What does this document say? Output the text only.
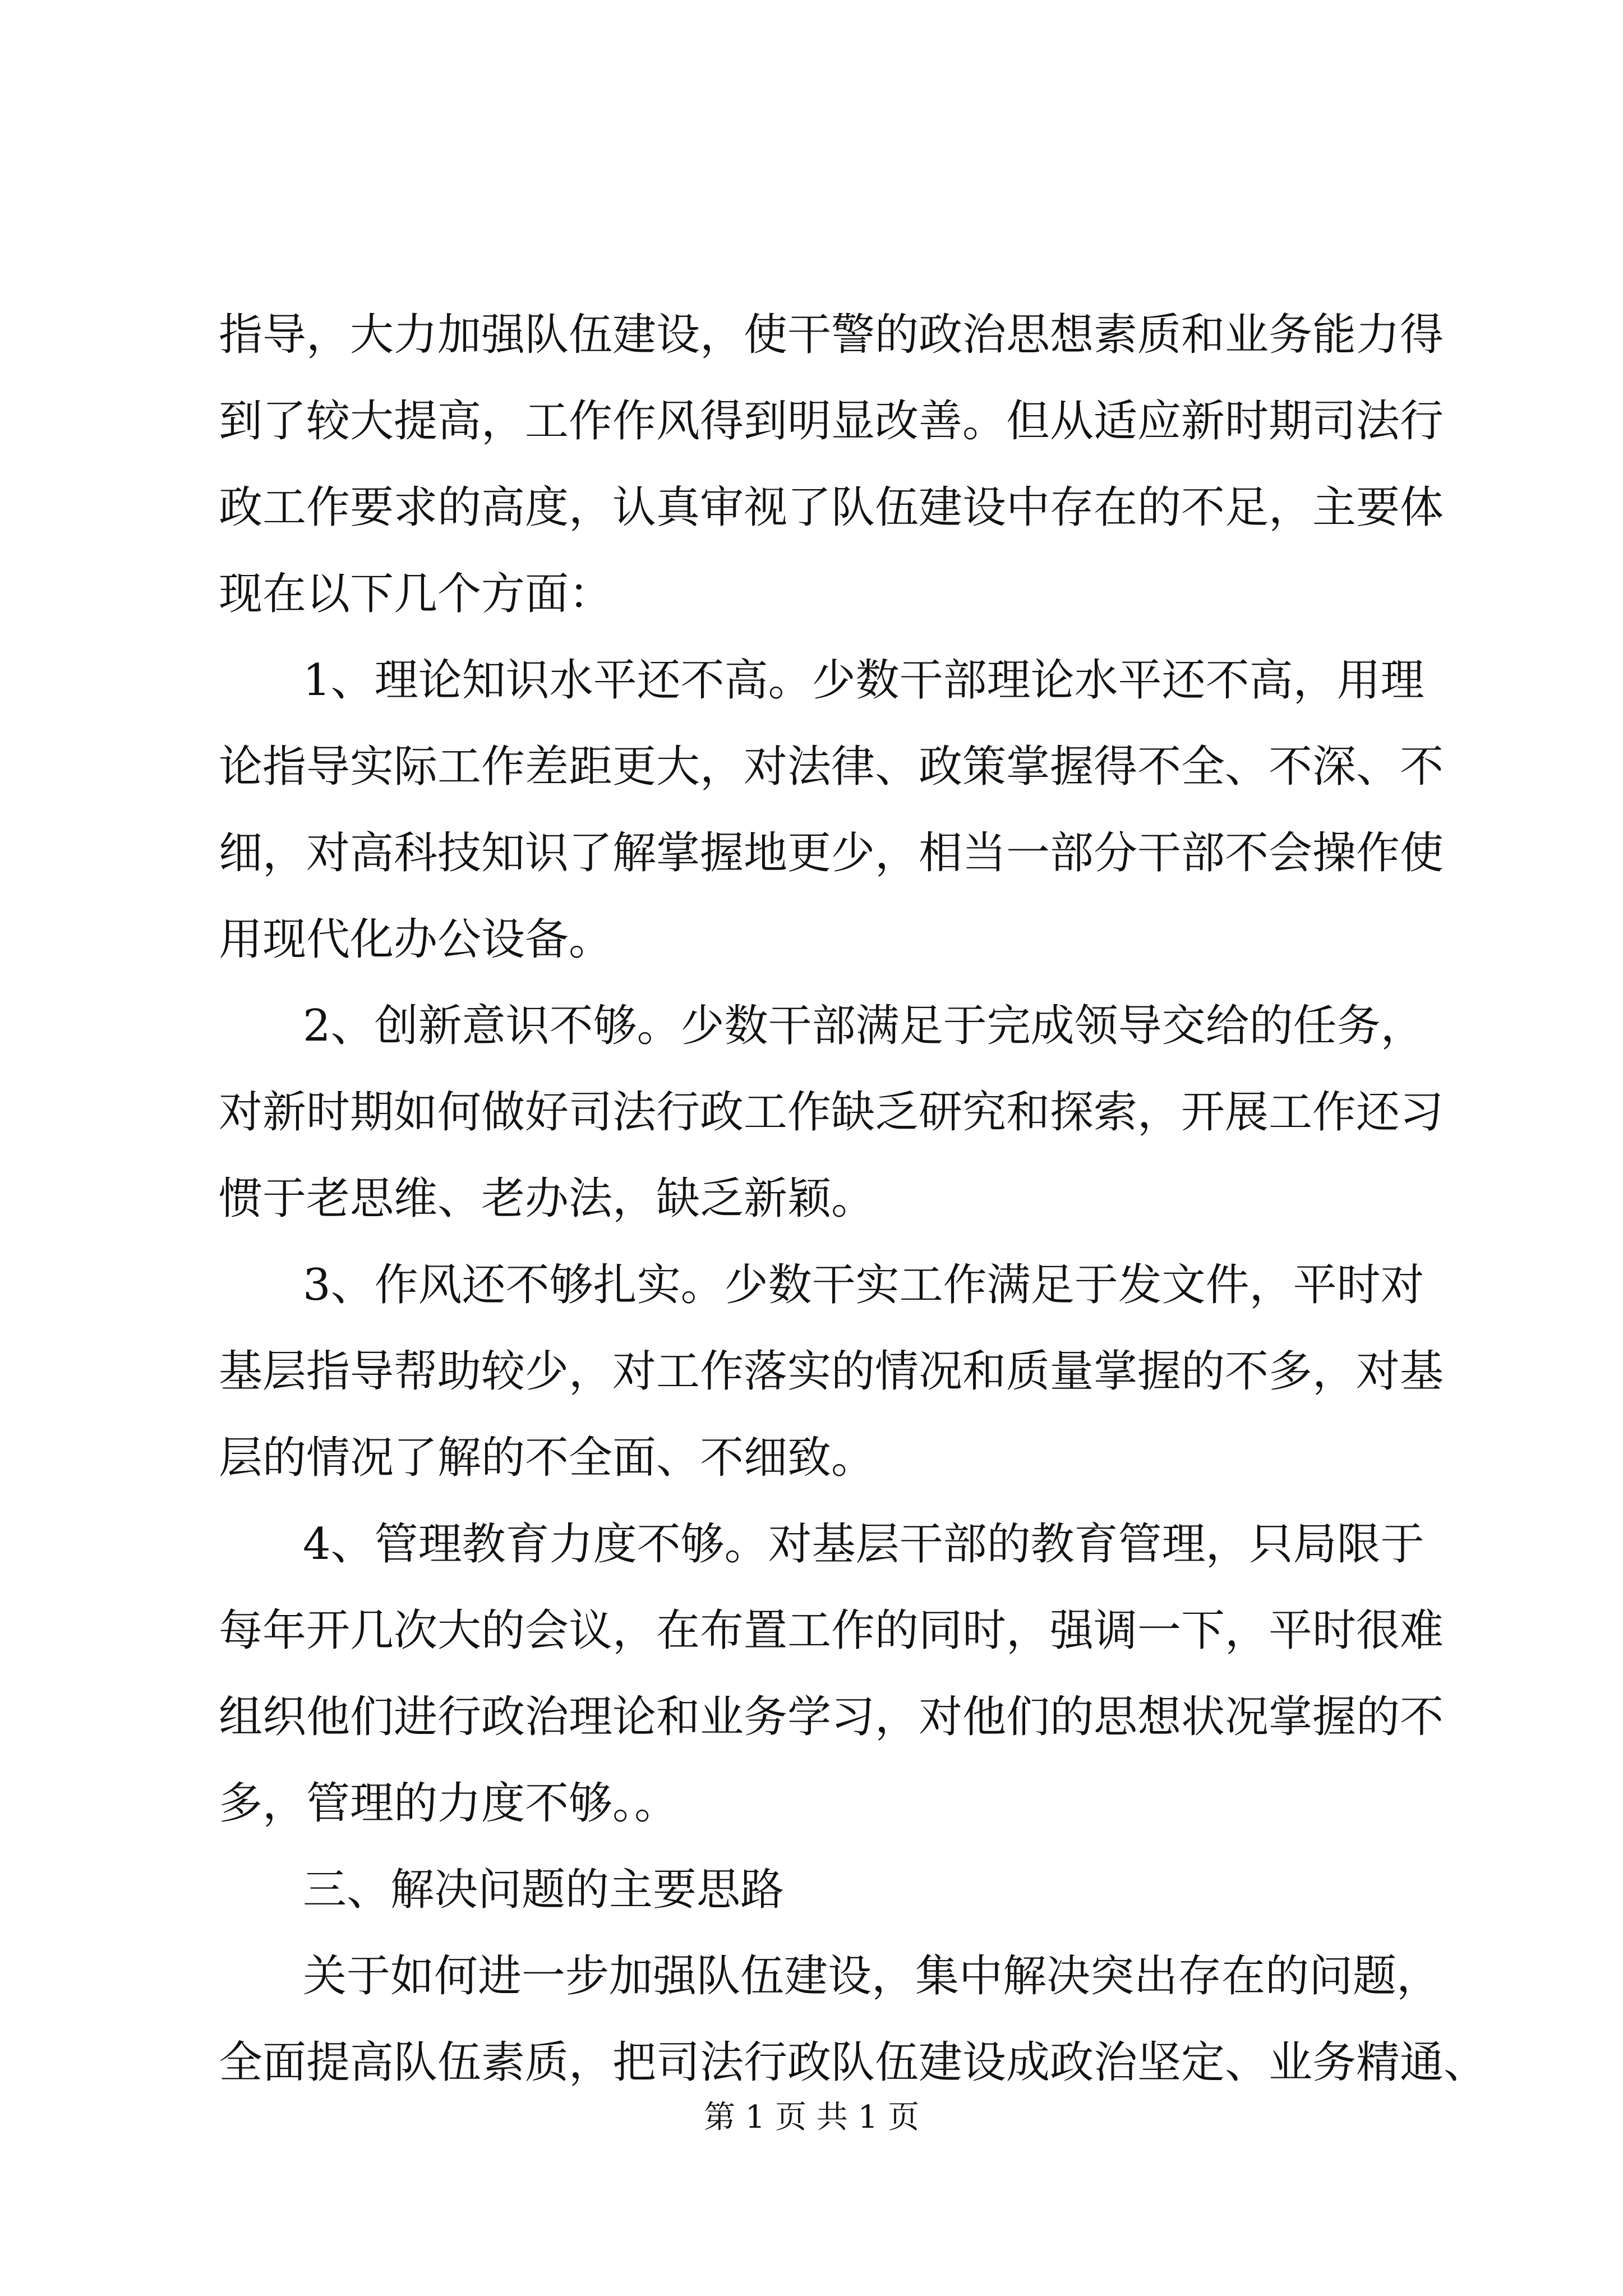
指导，大力加强队伍建设，使干警的政治思想素质和业务能力得

到了较大提高，工作作风得到明显改善。但从适应新时期司法行

政工作要求的高度，认真审视了队伍建设中存在的不足，主要体

现在以下几个方面：

1、理论知识水平还不高。少数干部理论水平还不高，用理

论指导实际工作差距更大，对法律、政策掌握得不全、不深、不

细，对高科技知识了解掌握地更少，相当一部分干部不会操作使

用现代化办公设备。

2、创新意识不够。少数干部满足于完成领导交给的任务，

对新时期如何做好司法行政工作缺乏研究和探索，开展工作还习

惯于老思维、老办法，缺乏新颖。

3、作风还不够扎实。少数干实工作满足于发文件，平时对

基层指导帮助较少，对工作落实的情况和质量掌握的不多，对基

层的情况了解的不全面、不细致。

4、管理教育力度不够。对基层干部的教育管理，只局限于

每年开几次大的会议，在布置工作的同时，强调一下，平时很难

组织他们进行政治理论和业务学习，对他们的思想状况掌握的不

多，管理的力度不够。。

三、解决问题的主要思路

关于如何进一步加强队伍建设，集中解决突出存在的问题，

全面提高队伍素质，把司法行政队伍建设成政治坚定、业务精通、

第 1 页 共 1 页
